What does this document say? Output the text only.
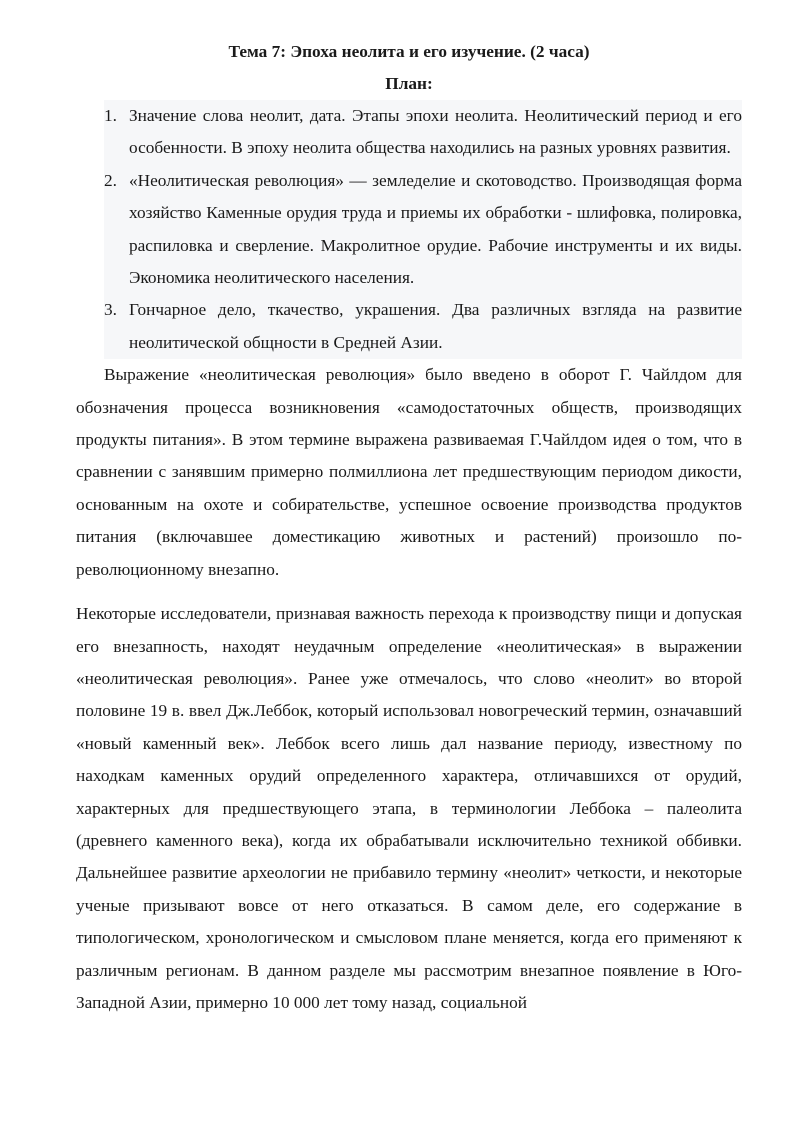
Тема 7: Эпоха неолита и его изучение. (2 часа)
План:
1. Значение слова неолит, дата. Этапы эпохи неолита. Неолитический период и его особенности. В эпоху неолита общества находились на разных уровнях развития.
2. «Неолитическая революция» — земледелие и скотоводство. Производящая форма хозяйство Каменные орудия труда и приемы их обработки - шлифовка, полировка, распиловка и сверление. Макролитное орудие. Рабочие инструменты и их виды. Экономика неолитического населения.
3. Гончарное дело, ткачество, украшения. Два различных взгляда на развитие неолитической общности в Средней Азии.

Выражение «неолитическая революция» было введено в оборот Г. Чайлдом для обозначения процесса возникновения «самодостаточных обществ, производящих продукты питания». В этом термине выражена развиваемая Г.Чайлдом идея о том, что в сравнении с занявшим примерно полмиллиона лет предшествующим периодом дикости, основанным на охоте и собирательстве, успешное освоение производства продуктов питания (включавшее доместикацию животных и растений) произошло по-революционному внезапно.

Некоторые исследователи, признавая важность перехода к производству пищи и допуская его внезапность, находят неудачным определение «неолитическая» в выражении «неолитическая революция». Ранее уже отмечалось, что слово «неолит» во второй половине 19 в. ввел Дж.Леббок, который использовал новогреческий термин, означавший «новый каменный век». Леббок всего лишь дал название периоду, известному по находкам каменных орудий определенного характера, отличавшихся от орудий, характерных для предшествующего этапа, в терминологии Леббока – палеолита (древнего каменного века), когда их обрабатывали исключительно техникой оббивки. Дальнейшее развитие археологии не прибавило термину «неолит» четкости, и некоторые ученые призывают вовсе от него отказаться. В самом деле, его содержание в типологическом, хронологическом и смысловом плане меняется, когда его применяют к различным регионам. В данном разделе мы рассмотрим внезапное появление в Юго-Западной Азии, примерно 10 000 лет тому назад, социальной
